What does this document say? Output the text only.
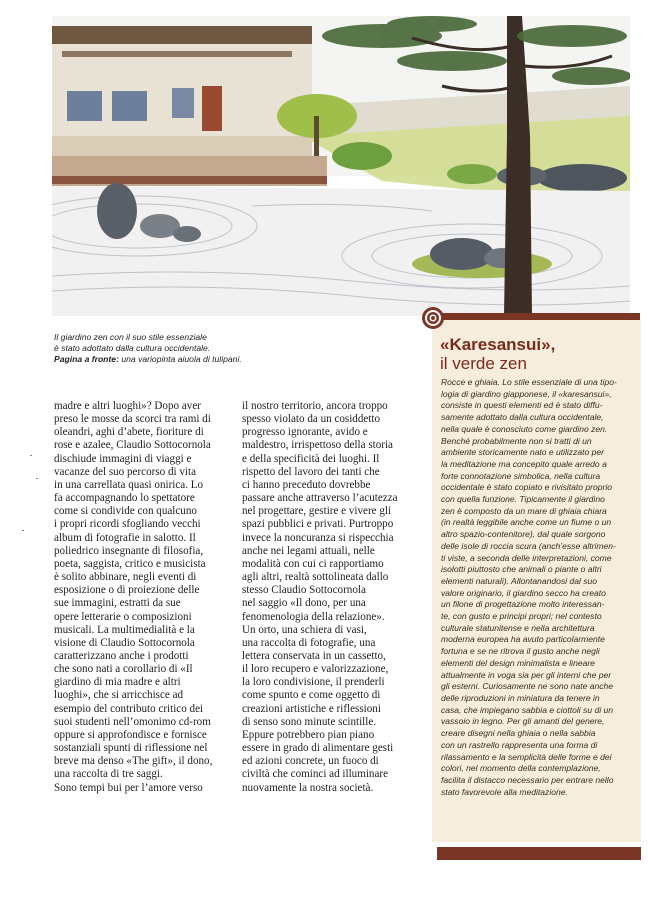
Il giardino zen con il suo stile essenziale
è stato adottato dalla cultura occidentale.
Pagina a fronte: una variopinta aiuola di tulipani.
madre e altri luoghi»? Dopo aver
preso le mosse da scorci tra rami di
oleandri, aghi d’abete, fioriture di
rose e azalee, Claudio Sottocornola
dischiude immagini di viaggi e
vacanze del suo percorso di vita
in una carrellata quasi onirica. Lo
fa accompagnando lo spettatore
come si condivide con qualcuno
i propri ricordi sfogliando vecchi
album di fotografie in salotto. Il
poliedrico insegnante di filosofia,
poeta, saggista, critico e musicista
è solito abbinare, negli eventi di
esposizione o di proiezione delle
sue immagini, estratti da sue
opere letterarie o composizioni
musicali. La multimedialità e la
visione di Claudio Sottocornola
caratterizzano anche i prodotti
che sono nati a corollario di «Il
giardino di mia madre e altri
luoghi», che si arricchisce ad
esempio del contributo critico dei
suoi studenti nell’omonimo cd-rom
oppure si approfondisce e fornisce
sostanziali spunti di riflessione nel
breve ma denso «The gift», il dono,
una raccolta di tre saggi.
Sono tempi bui per l’amore verso
il nostro territorio, ancora troppo
spesso violato da un cosiddetto
progresso ignorante, avido e
maldestro, irrispettoso della storia
e della specificità dei luoghi. Il
rispetto del lavoro dei tanti che
ci hanno preceduto dovrebbe
passare anche attraverso l’acutezza
nel progettare, gestire e vivere gli
spazi pubblici e privati. Purtroppo
invece la noncuranza si rispecchia
anche nei legami attuali, nelle
modalità con cui ci rapportiamo
agli altri, realtà sottolineata dallo
stesso Claudio Sottocornola
nel saggio «Il dono, per una
fenomenologia della relazione».
Un orto, una schiera di vasi,
una raccolta di fotografie, una
lettera conservata in un cassetto,
il loro recupero e valorizzazione,
la loro condivisione, il prenderli
come spunto e come oggetto di
creazioni artistiche e riflessioni
di senso sono minute scintille.
Eppure potrebbero pian piano
essere in grado di alimentare gesti
ed azioni concrete, un fuoco di
civiltà che cominci ad illuminare
nuovamente la nostra società.
«Karesansui»,
il verde zen
Rocce e ghiaia. Lo stile essenziale di una tipo-
logia di giardino giapponese, il «karesansui»,
consiste in questi elementi ed è stato diffu-
samente adottato dalla cultura occidentale,
nella quale è conosciuto come giardino zen.
Benché probabilmente non si tratti di un
ambiente storicamente nato e utilizzato per
la meditazione ma concepito quale arredo a
forte connotazione simbolica, nella cultura
occidentale è stato copiato e rivisitato proprio
con quella funzione. Tipicamente il giardino
zen è composto da un mare di ghiaia chiara
(in realtà leggibile anche come un fiume o un
altro spazio-contenitore), dal quale sorgono
delle isole di roccia scura (anch’esse altrimen-
ti viste, a seconda delle interpretazioni, come
isolotti piuttosto che animali o piante o altri
elementi naturali). Allontanandosi dal suo
valore originario, il giardino secco ha creato
un filone di progettazione molto interessan-
te, con gusto e principi propri; nel contesto
culturale statunitense e nella architettura
moderna europea ha avuto particolarmente
fortuna e se ne ritrova il gusto anche negli
elementi del design minimalista e lineare
attualmente in voga sia per gli interni che per
gli esterni. Curiosamente ne sono nate anche
delle riproduzioni in miniatura da tenere in
casa, che impiegano sabbia e ciottoli su di un
vassoio in legno. Per gli amanti del genere,
creare disegni nella ghiaia o nella sabbia
con un rastrello rappresenta una forma di
rilassamento e la semplicità delle forme e dei
colori, nel momento della contemplazione,
facilita il distacco necessario per entrare nello
stato favorevole alla meditazione.
